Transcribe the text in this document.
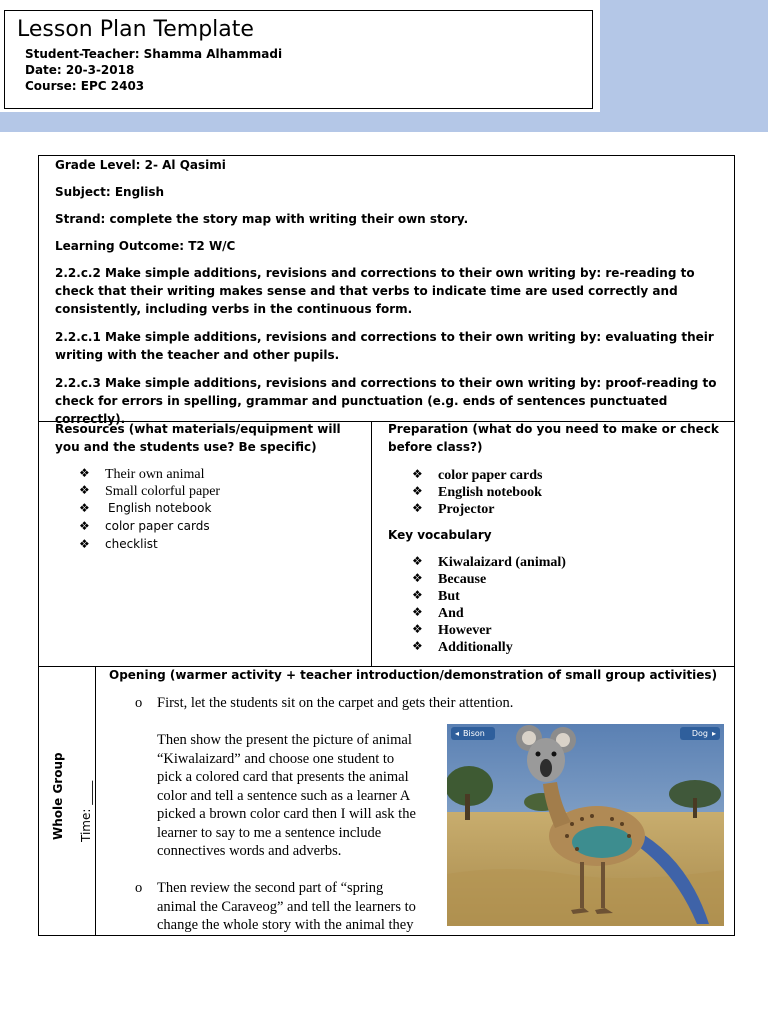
Lesson Plan Template
Student-Teacher: Shamma Alhammadi
Date: 20-3-2018
Course: EPC 2403
Grade Level: 2- Al Qasimi
Subject: English
Strand: complete the story map with writing their own story.
Learning Outcome: T2 W/C
2.2.c.2 Make simple additions, revisions and corrections to their own writing by: re-reading to check that their writing makes sense and that verbs to indicate time are used correctly and consistently, including verbs in the continuous form.
2.2.c.1 Make simple additions, revisions and corrections to their own writing by: evaluating their writing with the teacher and other pupils.
2.2.c.3 Make simple additions, revisions and corrections to their own writing by: proof-reading to check for errors in spelling, grammar and punctuation (e.g. ends of sentences punctuated correctly).
Resources (what materials/equipment will you and the students use? Be specific)
❖ Their own animal
❖ Small colorful paper
❖ English notebook
❖ color paper cards
❖ checklist
Preparation (what do you need to make or check before class?)
❖ color paper cards
❖ English notebook
❖ Projector
Key vocabulary
❖ Kiwalaizard (animal)
❖ Because
❖ But
❖ And
❖ However
❖ Additionally
Whole Group Time: ____
Opening (warmer activity + teacher introduction/demonstration of small group activities)
o First, let the students sit on the carpet and gets their attention.
Then show the present the picture of animal
“Kiwalaizard” and choose one student to
pick a colored card that presents the animal
color and tell a sentence such as a learner A
picked a brown color card then I will ask the
learner to say to me a sentence include
connectives words and adverbs.
o Then review the second part of “spring
animal the Caraveog” and tell the learners to
change the whole story with the animal they
◂ Bison	Dog ▸
